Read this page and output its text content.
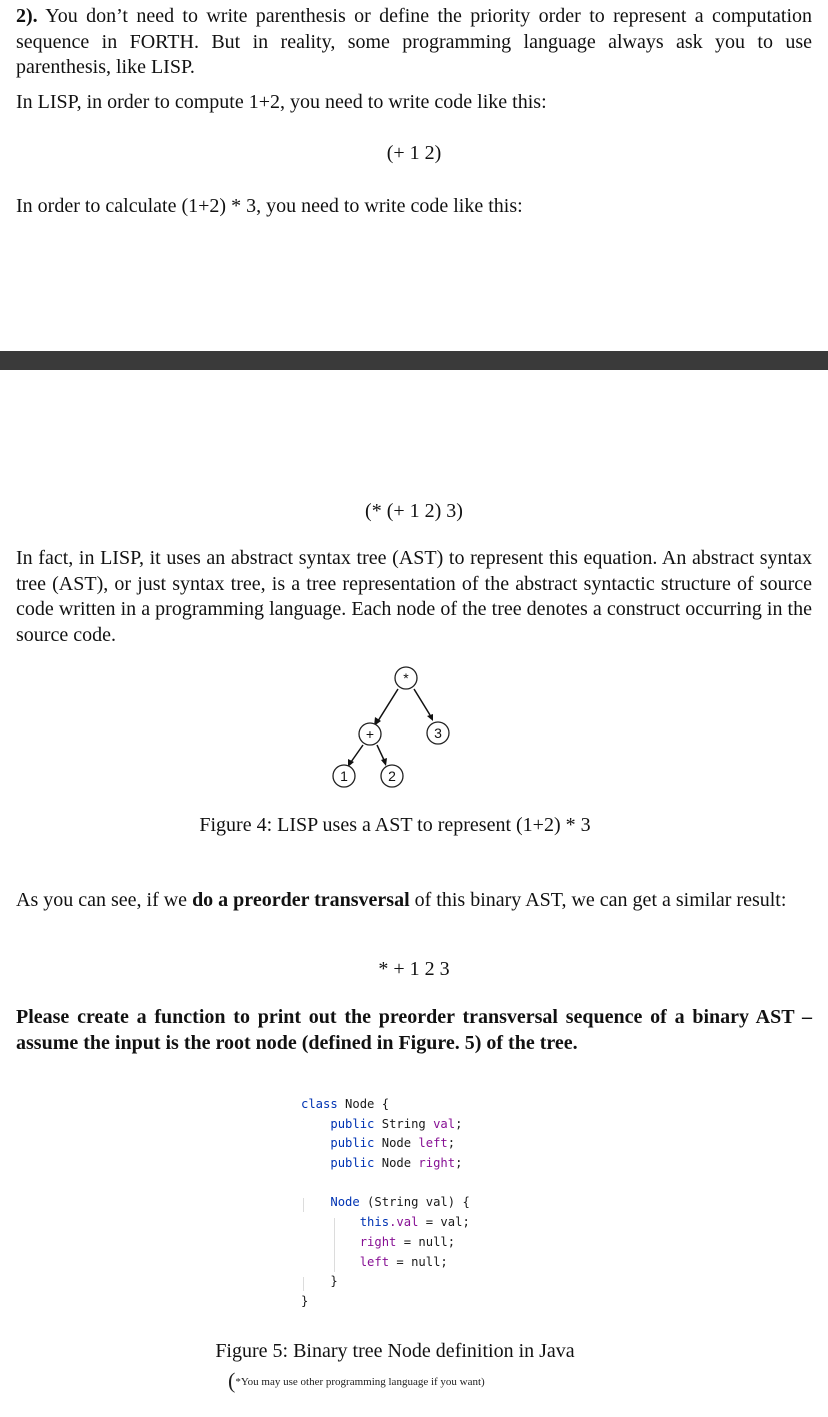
2). You don’t need to write parenthesis or define the priority order to represent a computation sequence in FORTH. But in reality, some programming language always ask you to use parenthesis, like LISP.

In LISP, in order to compute 1+2, you need to write code like this:

(+ 1 2)

In order to calculate (1+2) * 3, you need to write code like this:

(* (+ 1 2) 3)

In fact, in LISP, it uses an abstract syntax tree (AST) to represent this equation. An abstract syntax tree (AST), or just syntax tree, is a tree representation of the abstract syntactic structure of source code written in a programming language. Each node of the tree denotes a construct occurring in the source code.

*
+	3
1	2

Figure 4: LISP uses a AST to represent (1+2) * 3

As you can see, if we do a preorder transversal of this binary AST, we can get a similar result:

* + 1 2 3

Please create a function to print out the preorder transversal sequence of a binary AST – assume the input is the root node (defined in Figure. 5) of the tree.

class Node {
public String val;
public Node left;
public Node right;
Node (String val) {
this.val = val;
right = null;
left = null;
}
}

Figure 5: Binary tree Node definition in Java

(*You may use other programming language if you want)
